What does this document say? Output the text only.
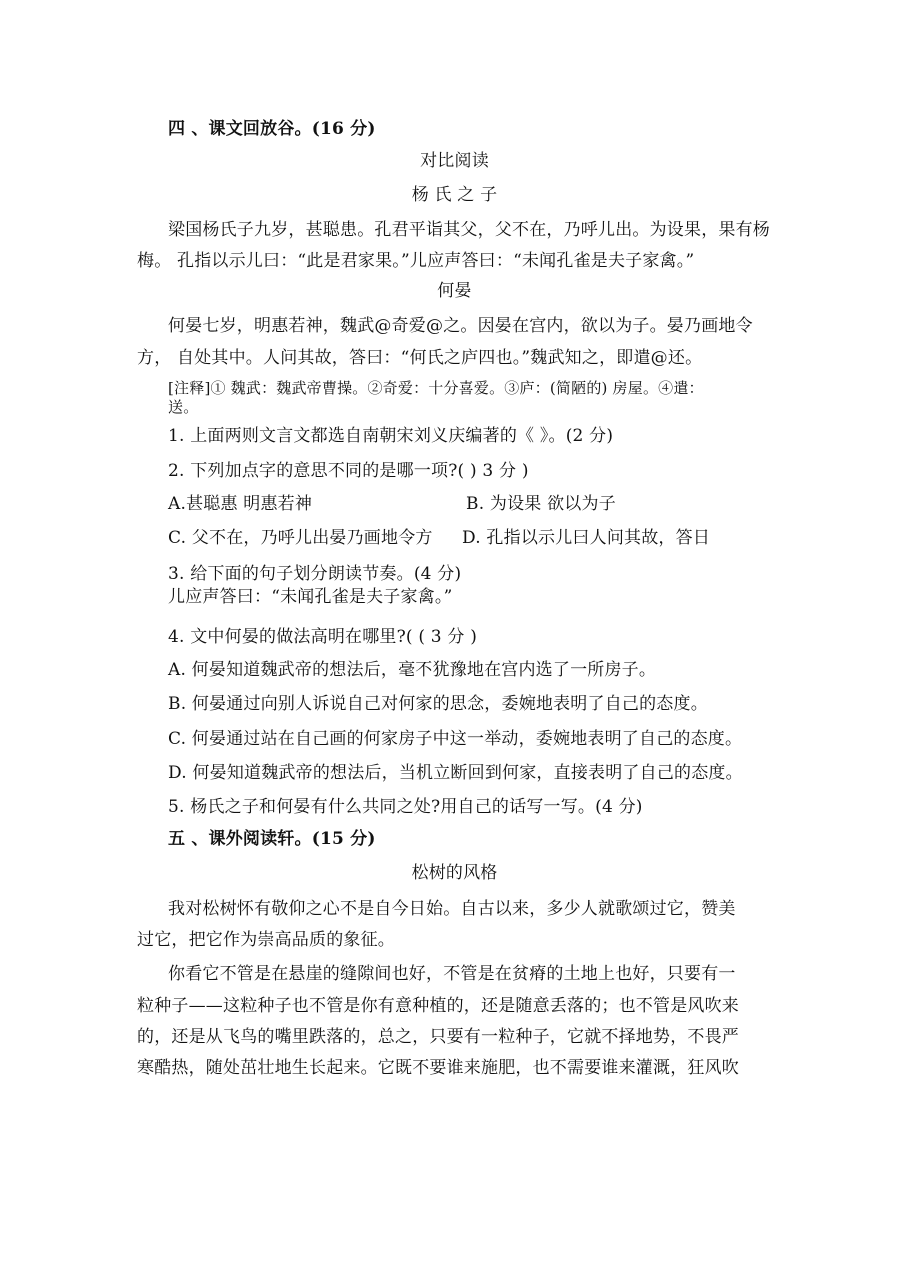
四 、课文回放谷。(16 分)
对比阅读
杨 氏 之 子
梁国杨氏子九岁，甚聪患。孔君平诣其父，父不在，乃呼儿出。为设果，果有杨
梅。 孔指以示儿曰：“此是君家果。”儿应声答曰：“未闻孔雀是夫子家禽。”
何晏
何晏七岁，明惠若神，魏武@奇爱@之。因晏在宫内，欲以为子。晏乃画地令
方， 自处其中。人问其故，答曰：“何氏之庐四也。”魏武知之，即遣@还。
[注释]① 魏武：魏武帝曹操。②奇爱：十分喜爱。③庐：(简陋的) 房屋。④遣：
送。
1. 上面两则文言文都选自南朝宋刘义庆编著的《 》。(2 分)
2. 下列加点字的意思不同的是哪一项?( ) 3 分 )
A.甚聪惠 明惠若神	B. 为设果 欲以为子
C. 父不在，乃呼儿出晏乃画地令方 D. 孔指以示儿曰人问其故，答日
3. 给下面的句子划分朗读节奏。(4 分)
儿应声答曰：“未闻孔雀是夫子家禽。”
4. 文中何晏的做法高明在哪里?( ( 3 分 )
A. 何晏知道魏武帝的想法后，毫不犹豫地在宫内选了一所房子。
B. 何晏通过向别人诉说自己对何家的思念，委婉地表明了自己的态度。
C. 何晏通过站在自己画的何家房子中这一举动，委婉地表明了自己的态度。
D. 何晏知道魏武帝的想法后，当机立断回到何家，直接表明了自己的态度。
5. 杨氏之子和何晏有什么共同之处?用自己的话写一写。(4 分)
五 、课外阅读轩。(15 分)
松树的风格
我对松树怀有敬仰之心不是自今日始。自古以来，多少人就歌颂过它，赞美
过它，把它作为崇高品质的象征。
你看它不管是在悬崖的缝隙间也好，不管是在贫瘠的土地上也好，只要有一
粒种子——这粒种子也不管是你有意种植的，还是随意丢落的；也不管是风吹来
的，还是从飞鸟的嘴里跌落的，总之，只要有一粒种子，它就不择地势，不畏严
寒酷热，随处茁壮地生长起来。它既不要谁来施肥，也不需要谁来灌溉，狂风吹
